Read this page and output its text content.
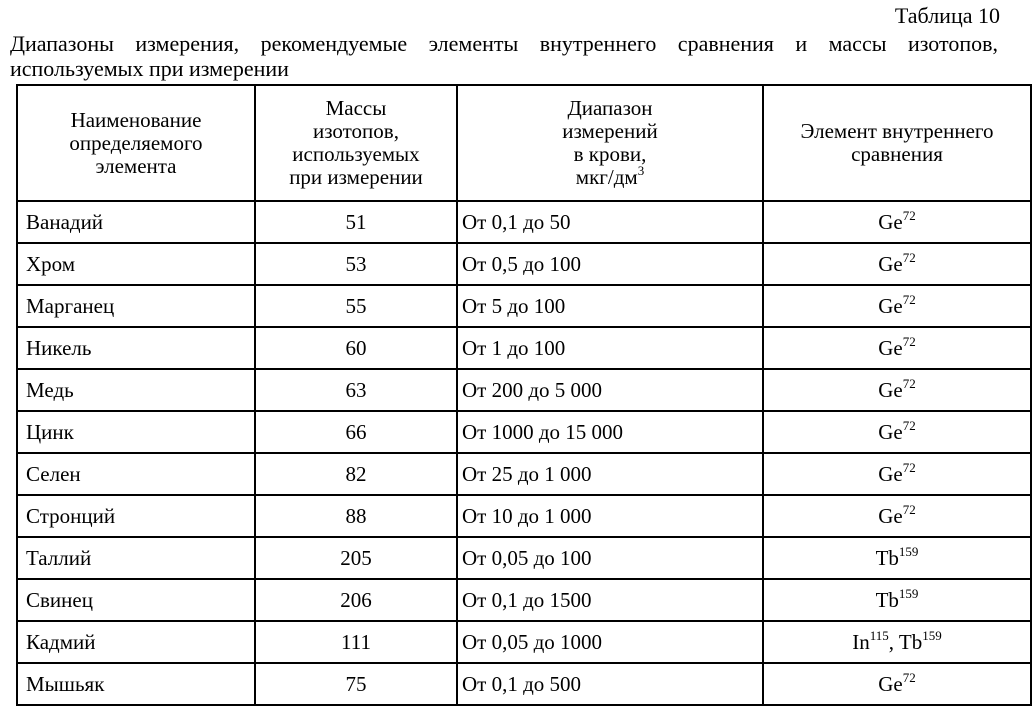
Таблица 10
Диапазоны измерения, рекомендуемые элементы внутреннего сравнения и массы изотопов, используемых при измерении
Наименование
определяемого
элемента	Массы
изотопов,
используемых
при измерении	Диапазон
измерений
в крови,
мкг/$дм^3$	Элемент внутреннего
сравнения
Ванадий	51	От 0,1 до 50	Ge$^{72}$
Хром	53	От 0,5 до 100	Ge$^{72}$
Марганец	55	От 5 до 100	Ge$^{72}$
Никель	60	От 1 до 100	Ge$^{72}$
Медь	63	От 200 до 5 000	Ge$^{72}$
Цинк	66	От 1000 до 15 000	Ge$^{72}$
Селен	82	От 25 до 1 000	Ge$^{72}$
Стронций	88	От 10 до 1 000	Ge$^{72}$
Таллий	205	От 0,05 до 100	Tb$^{159}$
Свинец	206	От 0,1 до 1500	Tb$^{159}$
Кадмий	111	От 0,05 до 1000	In$^{115}$, Tb$^{159}$
Мышьяк	75	От 0,1 до 500	Ge$^{72}$
